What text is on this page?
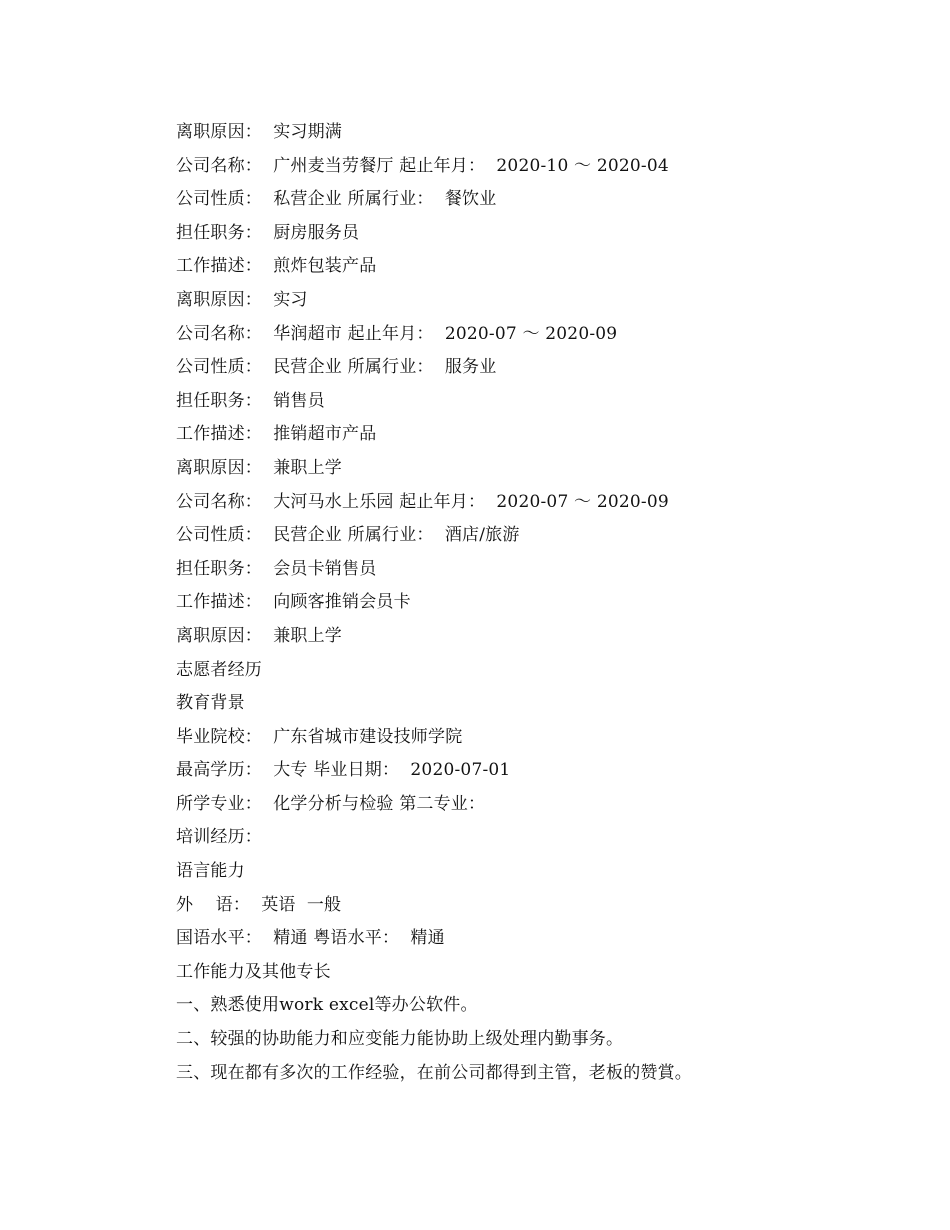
离职原因：  实习期满
公司名称：  广州麦当劳餐厅 起止年月：  2020-10 ～ 2020-04
公司性质：  私营企业 所属行业：  餐饮业
担任职务：  厨房服务员
工作描述：  煎炸包装产品
离职原因：  实习
公司名称：  华润超市 起止年月：  2020-07 ～ 2020-09
公司性质：  民营企业 所属行业：  服务业
担任职务：  销售员
工作描述：  推销超市产品
离职原因：  兼职上学
公司名称：  大河马水上乐园 起止年月：  2020-07 ～ 2020-09
公司性质：  民营企业 所属行业：  酒店/旅游
担任职务：  会员卡销售员
工作描述：  向顾客推销会员卡
离职原因：  兼职上学
志愿者经历
教育背景
毕业院校：  广东省城市建设技师学院
最高学历：  大专 毕业日期：  2020-07-01
所学专业：  化学分析与检验 第二专业：
培训经历：
语言能力
外    语：  英语  一般
国语水平：  精通 粤语水平：  精通
工作能力及其他专长
一、熟悉使用work excel等办公软件。
二、较强的协助能力和应变能力能协助上级处理内勤事务。
三、现在都有多次的工作经验，在前公司都得到主管，老板的赞賞。
